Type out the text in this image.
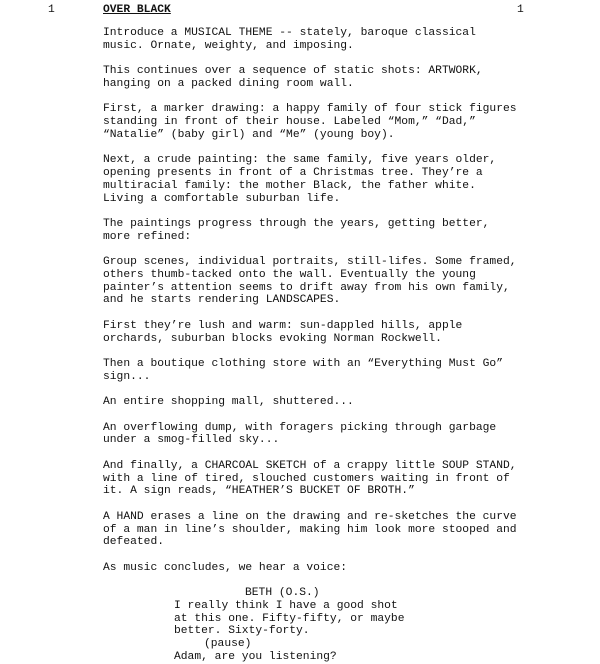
1	OVER BLACK	1
Introduce a MUSICAL THEME -- stately, baroque classical
music. Ornate, weighty, and imposing.
This continues over a sequence of static shots: ARTWORK,
hanging on a packed dining room wall.
First, a marker drawing: a happy family of four stick figures
standing in front of their house. Labeled “Mom,” “Dad,”
“Natalie” (baby girl) and “Me” (young boy).
Next, a crude painting: the same family, five years older,
opening presents in front of a Christmas tree. They’re a
multiracial family: the mother Black, the father white.
Living a comfortable suburban life.
The paintings progress through the years, getting better,
more refined:
Group scenes, individual portraits, still-lifes. Some framed,
others thumb-tacked onto the wall. Eventually the young
painter’s attention seems to drift away from his own family,
and he starts rendering LANDSCAPES.
First they’re lush and warm: sun-dappled hills, apple
orchards, suburban blocks evoking Norman Rockwell.
Then a boutique clothing store with an “Everything Must Go”
sign...
An entire shopping mall, shuttered...
An overflowing dump, with foragers picking through garbage
under a smog-filled sky...
And finally, a CHARCOAL SKETCH of a crappy little SOUP STAND,
with a line of tired, slouched customers waiting in front of
it. A sign reads, “HEATHER’S BUCKET OF BROTH.”
A HAND erases a line on the drawing and re-sketches the curve
of a man in line’s shoulder, making him look more stooped and
defeated.
As music concludes, we hear a voice:
BETH (O.S.)
I really think I have a good shot
at this one. Fifty-fifty, or maybe
better. Sixty-forty.
(pause)
Adam, are you listening?
